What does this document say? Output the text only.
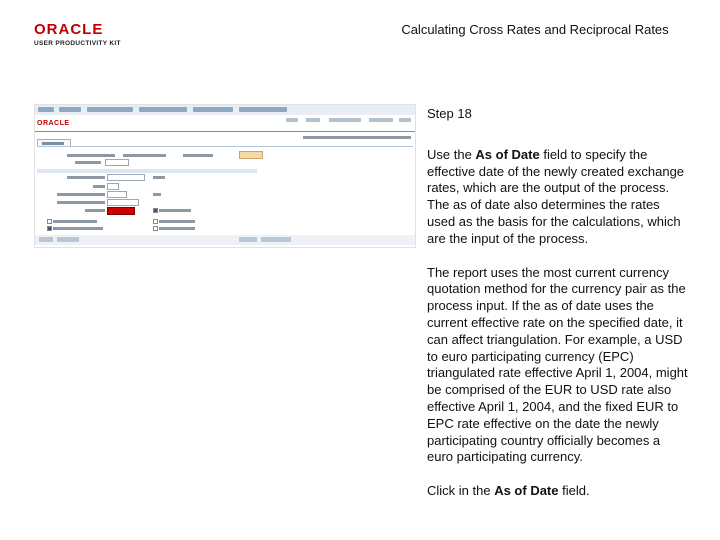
ORACLE
USER PRODUCTIVITY KIT
Calculating Cross Rates and Reciprocal Rates
ORACLE
Step 18
Use the As of Date field to specify the effective date of the newly created exchange rates, which are the output of the process. The as of date also determines the rates used as the basis for the calculations, which are the input of the process.
The report uses the most current currency quotation method for the currency pair as the process input. If the as of date uses the current effective rate on the specified date, it can affect triangulation. For example, a USD to euro participating currency (EPC) triangulated rate effective April 1, 2004, might be comprised of the EUR to USD rate also effective April 1, 2004, and the fixed EUR to EPC rate effective on the date the newly participating country officially becomes a euro participating currency.
Click in the As of Date field.
